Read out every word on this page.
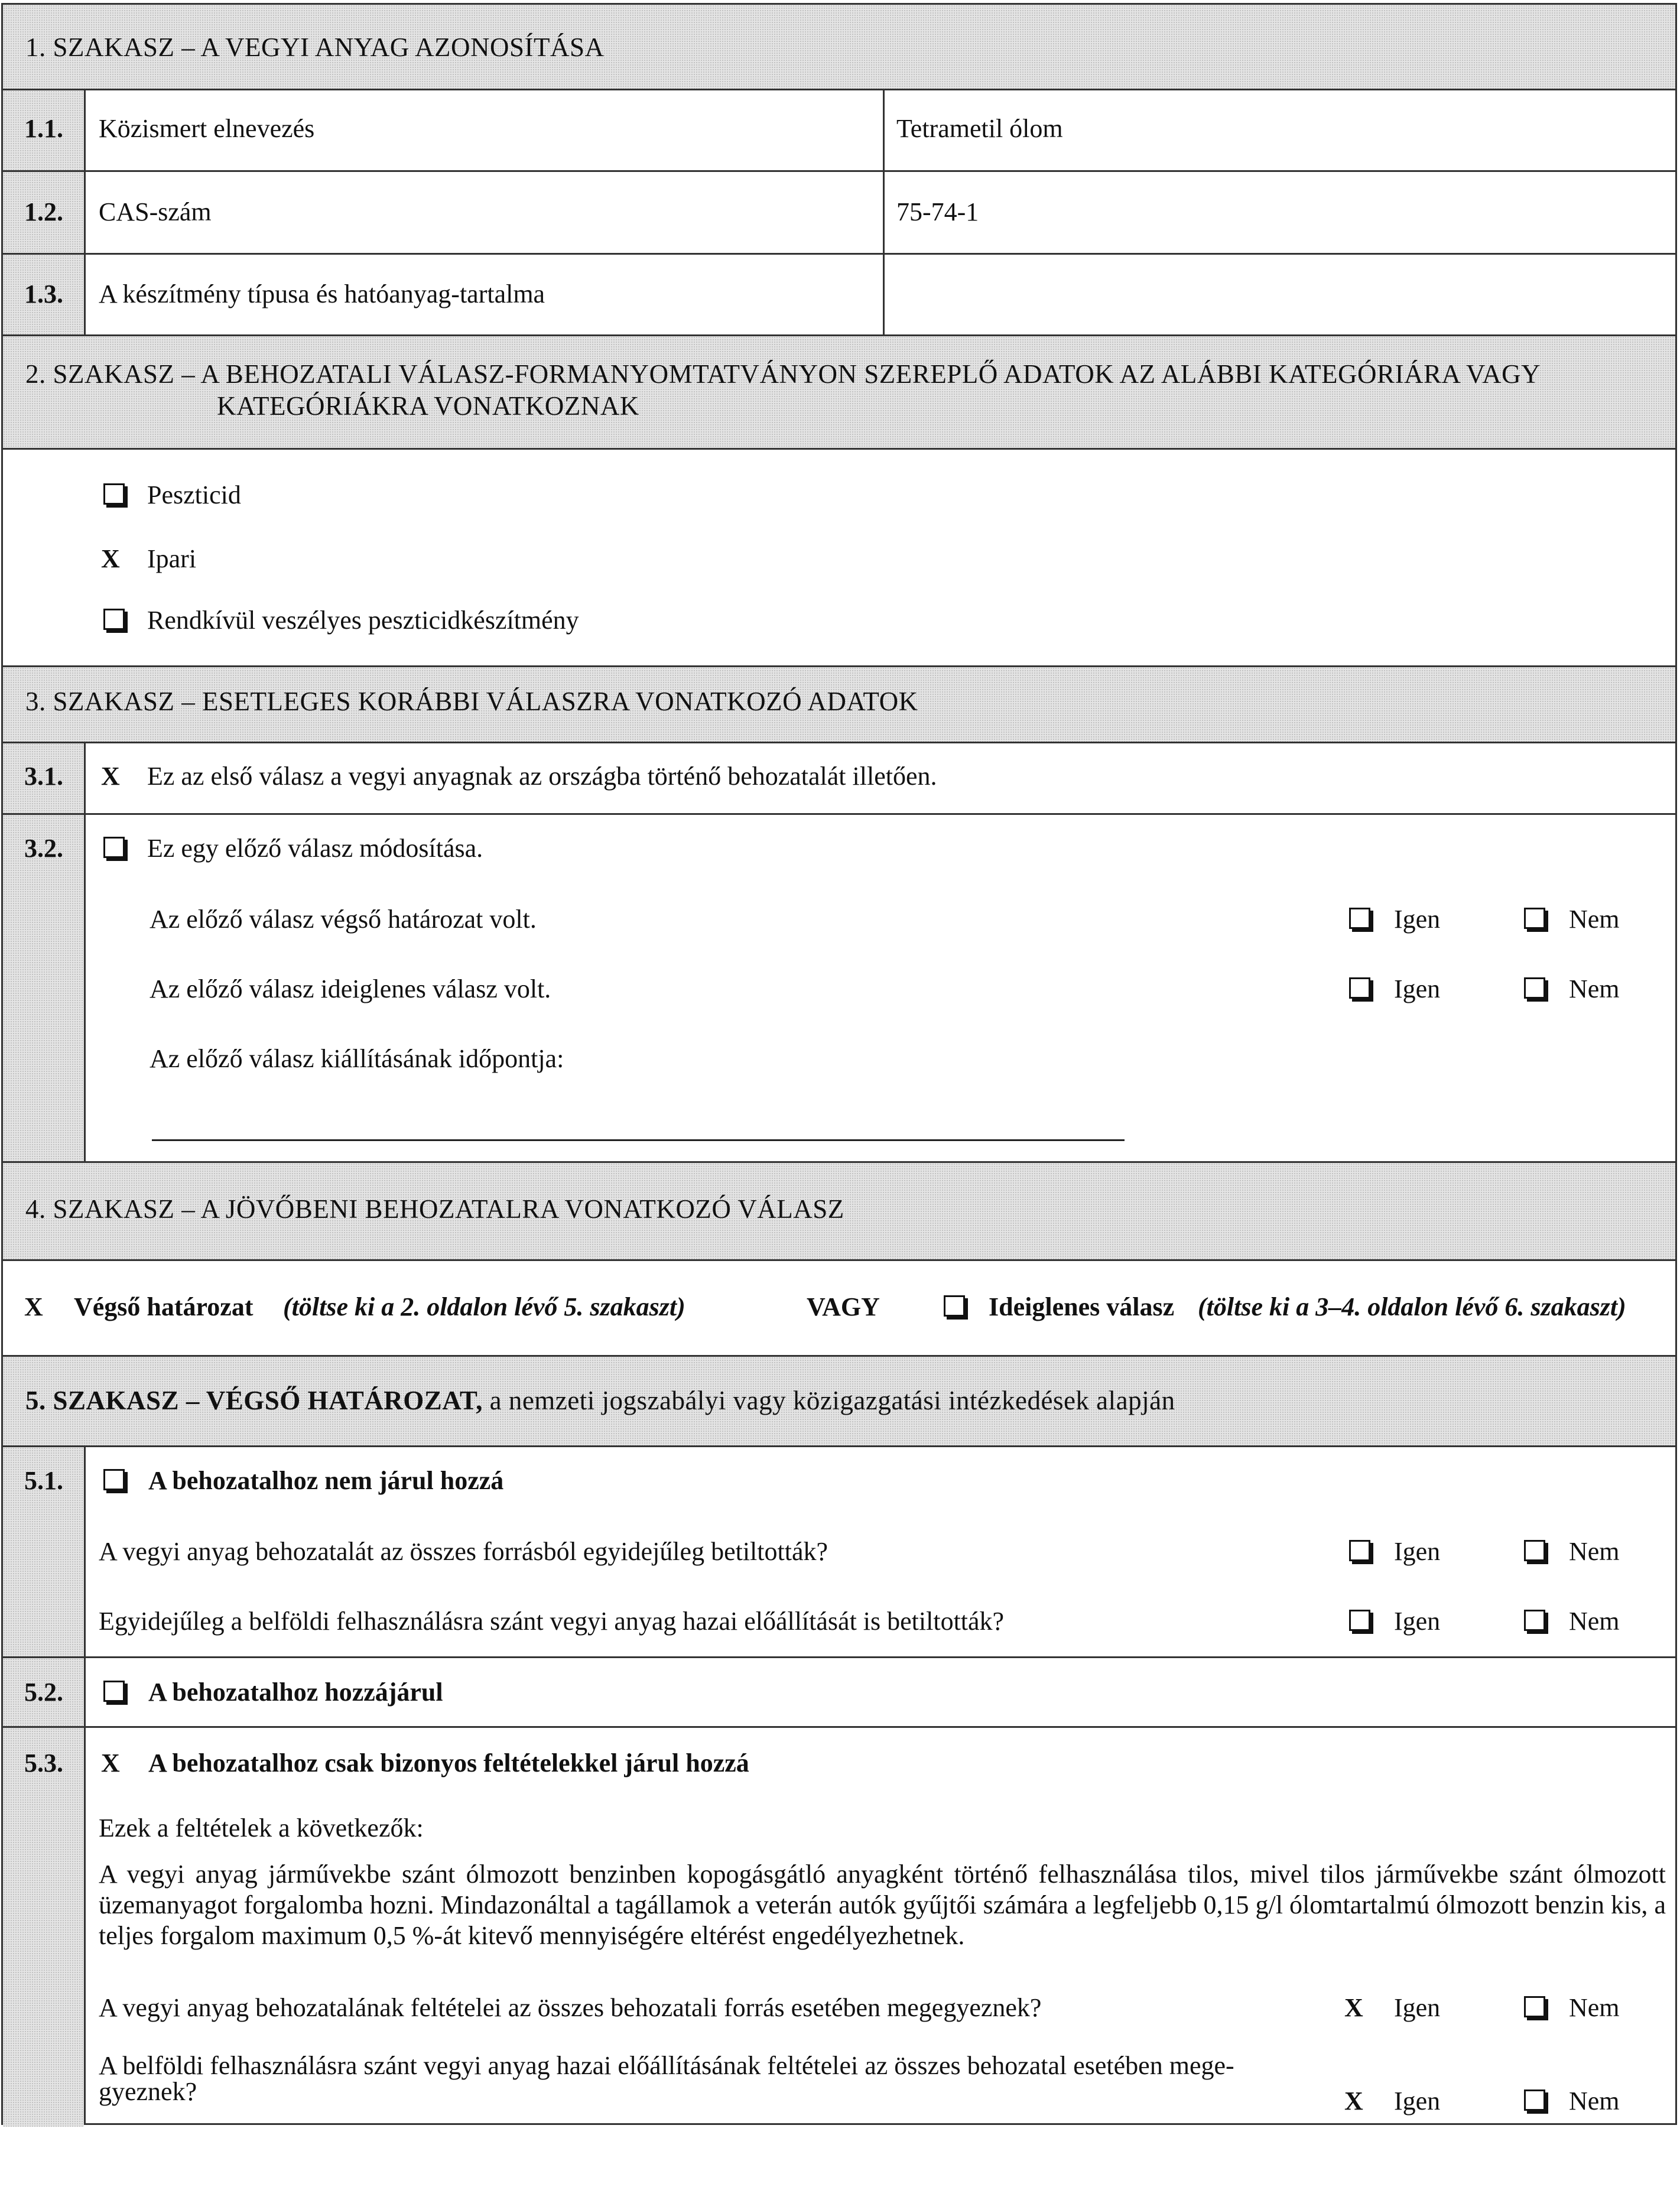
1. SZAKASZ – A VEGYI ANYAG AZONOSÍTÁSA
1.1. Közismert elnevezés	Tetrametil ólom
1.2. CAS-szám	75-74-1
1.3. A készítmény típusa és hatóanyag-tartalma
2. SZAKASZ – A BEHOZATALI VÁLASZ-FORMANYOMTATVÁNYON SZEREPLŐ ADATOK AZ ALÁBBI KATEGÓRIÁRA VAGY
KATEGÓRIÁKRA VONATKOZNAK
Peszticid
X Ipari
Rendkívül veszélyes peszticidkészítmény
3. SZAKASZ – ESETLEGES KORÁBBI VÁLASZRA VONATKOZÓ ADATOK
3.1. X Ez az első válasz a vegyi anyagnak az országba történő behozatalát illetően.
3.2.	Ez egy előző válasz módosítása.
Az előző válasz végső határozat volt.	Igen	Nem
Az előző válasz ideiglenes válasz volt.	Igen	Nem
Az előző válasz kiállításának időpontja:
4. SZAKASZ – A JÖVŐBENI BEHOZATALRA VONATKOZÓ VÁLASZ
X Végső határozat (töltse ki a 2. oldalon lévő 5. szakaszt)	VAGY	Ideiglenes válasz (töltse ki a 3–4. oldalon lévő 6. szakaszt)
5. SZAKASZ – VÉGSŐ HATÁROZAT, a nemzeti jogszabályi vagy közigazgatási intézkedések alapján
5.1.	A behozatalhoz nem járul hozzá
A vegyi anyag behozatalát az összes forrásból egyidejűleg betiltották?	Igen	Nem
Egyidejűleg a belföldi felhasználásra szánt vegyi anyag hazai előállítását is betiltották?	Igen	Nem
5.2.	A behozatalhoz hozzájárul
5.3. X A behozatalhoz csak bizonyos feltételekkel járul hozzá
Ezek a feltételek a következők:
A vegyi anyag járművekbe szánt ólmozott benzinben kopogásgátló anyagként történő felhasználása tilos, mivel tilos járművekbe szánt ólmozott üzemanyagot forgalomba hozni. Mindazonáltal a tagállamok a veterán autók gyűjtői számára a legfeljebb 0,15 g/l ólomtartalmú ólmozott benzin kis, a teljes forgalom maximum 0,5 %-át kitevő mennyiségére eltérést engedélyezhetnek.
A vegyi anyag behozatalának feltételei az összes behozatali forrás esetében megegyeznek?	X Igen	Nem
A belföldi felhasználásra szánt vegyi anyag hazai előállításának feltételei az összes behozatal esetében mege-
gyeznek?	X Igen	Nem
